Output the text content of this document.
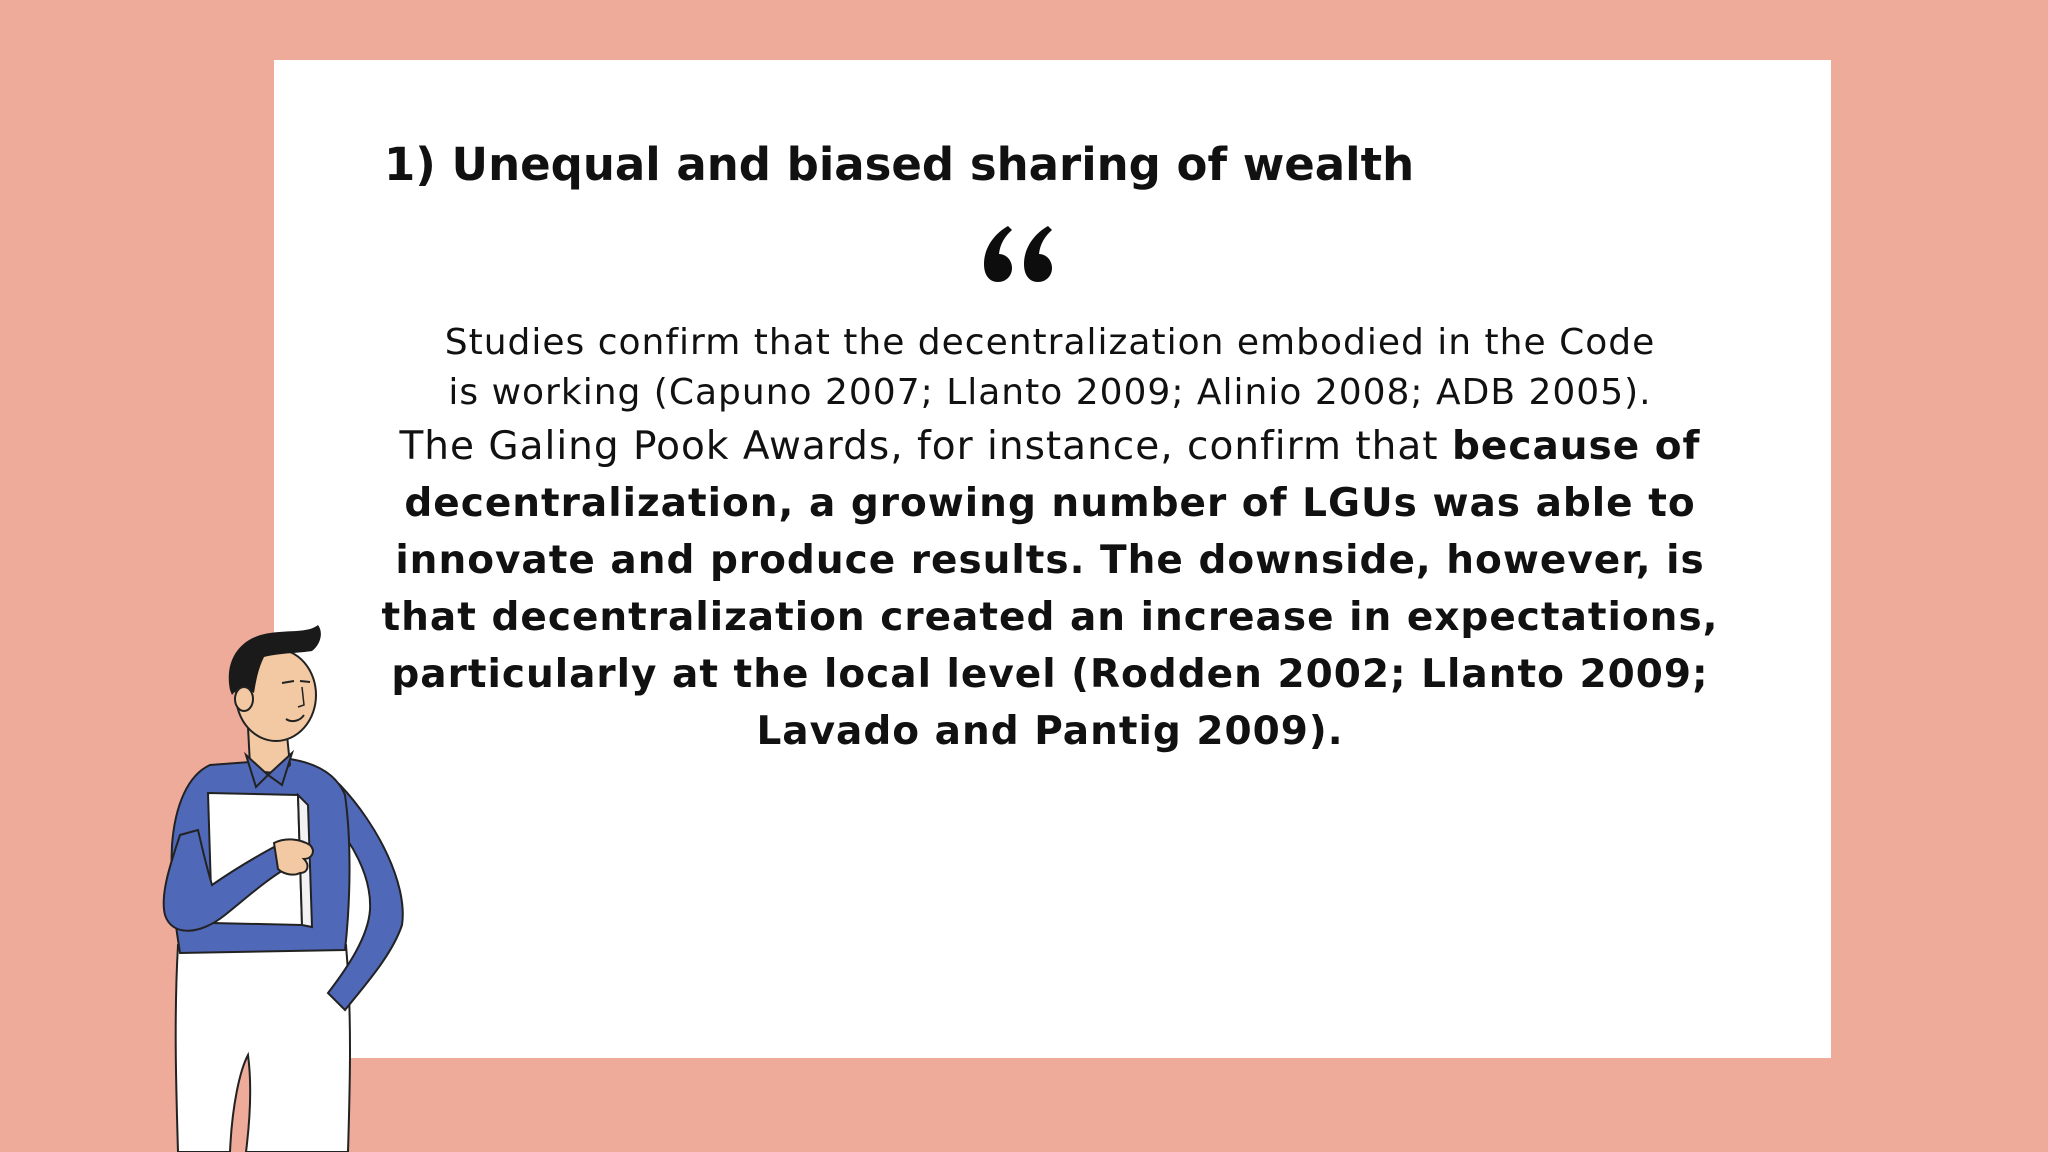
1) Unequal and biased sharing of wealth
Studies confirm that the decentralization embodied in the Code
is working (Capuno 2007; Llanto 2009; Alinio 2008; ADB 2005).
The Galing Pook Awards, for instance, confirm that because of decentralization, a growing number of LGUs was able to innovate and produce results. The downside, however, is that decentralization created an increase in expectations, particularly at the local level (Rodden 2002; Llanto 2009; Lavado and Pantig 2009).
